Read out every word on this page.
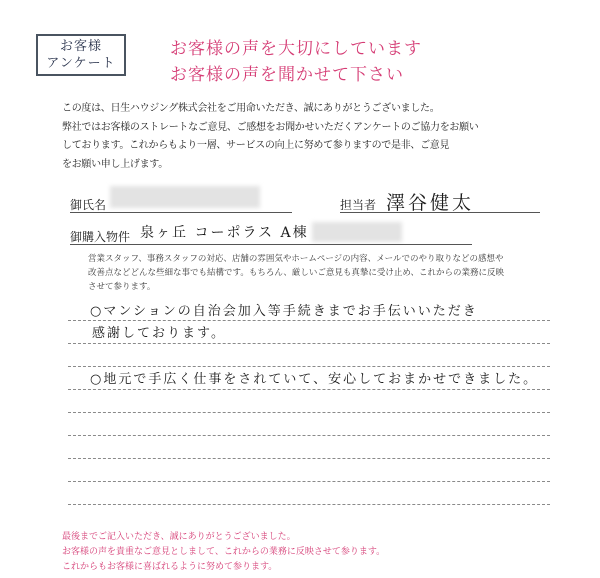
お客様
アンケート
お客様の声を大切にしています
お客様の声を聞かせて下さい
この度は、日生ハウジング株式会社をご用命いただき、誠にありがとうございました。
弊社ではお客様のストレートなご意見、ご感想をお聞かせいただくアンケートのご協力をお願い
しております。これからもより一層、サービスの向上に努めて参りますので是非、ご意見
をお願い申し上げます。
御氏名	担当者 澤谷健太
御購入物件 泉ヶ丘 コーポラス A棟
営業スタッフ、事務スタッフの対応、店舗の雰囲気やホームページの内容、メールでのやり取りなどの感想や
改善点などどんな些細な事でも結構です。もちろん、厳しいご意見も真摯に受け止め、これからの業務に反映
させて参ります。
○マンションの自治会加入等手続きまでお手伝いいただき
感謝しております。
○地元で手広く仕事をされていて、安心しておまかせできました。
最後までご記入いただき、誠にありがとうございました。
お客様の声を貴重なご意見としまして、これからの業務に反映させて参ります。
これからもお客様に喜ばれるように努めて参ります。
